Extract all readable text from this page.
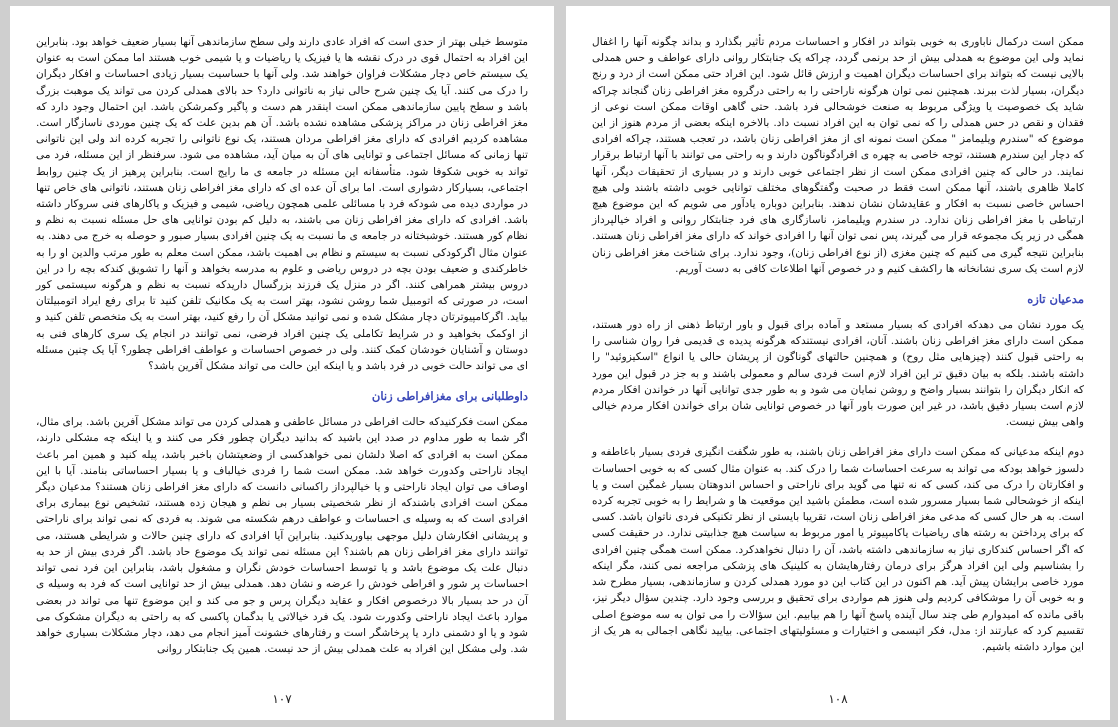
متوسط خیلی بهتر از حدی است که افراد عادی دارند ولی سطح سازماندهی آنها بسیار ضعیف خواهد بود. بنابراین این افراد به احتمال قوی در درک نقشه ها یا فیزیک یا ریاضیات و یا شیمی خوب هستند اما ممکن است به عنوان یک سیستم خاص دچار مشکلات فراوان خواهند شد. ولی آنها با حساسیت بسیار زیادی احساسات و افکار دیگران را درک می کنند. آیا یک چنین شرح حالی نیاز به ناتوانی دارد؟ حد بالای همدلی کردن می تواند یک موهبت بزرگ باشد و سطح پایین سازماندهی ممکن است اینقدر هم دست و پاگیر وکمرشکن باشد. این احتمال وجود دارد که مغز افراطی زنان در مراکز پزشکی مشاهده نشده باشد. آن هم بدین علت که یک چنین موردی ناسازگار است. مشاهده کردیم افرادی که دارای مغز افراطی مردان هستند، یک نوع ناتوانی را تجربه کرده اند ولی این ناتوانی تنها زمانی که مسائل اجتماعی و توانایی های آن به میان آید، مشاهده می شود. سرفنظر از این مسئله، فرد می تواند به خوبی شکوفا شود. متأسفانه این مسئله در جامعه ی ما رایج است. بنابراین پرهیز از یک چنین روابط اجتماعی، بسیارکار دشواری است. اما برای آن عده ای که دارای مغز افراطی زنان هستند، ناتوانی های خاص تنها در مواردی دیده می شودکه فرد با مسائلی علمی همچون ریاضی، شیمی و فیزیک و یاکارهای فنی سروکار داشته باشد. افرادی که دارای مغز افراطی زنان می باشند، به دلیل کم بودن توانایی های حل مسئله نسبت به نظم و نظام کور هستند. خوشبختانه در جامعه ی ما نسبت به یک چنین افرادی بسیار صبور و حوصله به خرج می دهند. به عنوان مثال اگرکودکی نسبت به سیستم و نظام بی اهمیت باشد، ممکن است معلم به طور مرتب والدین او را به خاطرکندی و ضعیف بودن بچه در دروس ریاضی و علوم به مدرسه بخواهد و آنها را تشویق کندکه بچه را در این دروس بیشتر همراهی کنند. اگر در منزل یک فرزند بزرگسال داریدکه نسبت به نظم و هرگونه سیستمی کور است، در صورتی که اتومبیل شما روشن نشود، بهتر است به یک مکانیک تلفن کنید تا برای رفع ایراد اتومبیلتان بیاید. اگرکامپیوترتان دچار مشکل شده و نمی توانید مشکل آن را رفع کنید، بهتر است به یک متخصص تلفن کنید و از اوکمک بخواهید و در شرایط تکاملی یک چنین افراد فرضی، نمی توانند در انجام یک سری کارهای فنی به دوستان و آشنایان خودشان کمک کنند. ولی در خصوص احساسات و عواطف افراطی چطور؟ آیا یک چنین مسئله ای می تواند حالت خوبی در فرد باشد و یا اینکه این حالت می تواند مشکل آفرین باشد؟

داوطلبانی برای مغزافراطی زنان

ممکن است فکرکنیدکه حالت افراطی در مسائل عاطفی و همدلی کردن می تواند مشکل آفرین باشد. برای مثال، اگر شما به طور مداوم در صدد این باشید که بدانید دیگران چطور فکر می کنند و یا اینکه چه مشکلی دارند، ممکن است به افرادی که اصلا دلشان نمی خواهدکسی از وضعیتشان باخبر باشد، پیله کنید و همین امر باعث ایجاد ناراحتی وکدورت خواهد شد. ممکن است شما را فردی خیالباف و یا بسیار احساساتی بنامند. آیا با این اوصاف می توان ایجاد ناراحتی و یا خیالپرداز راکسانی دانست که دارای مغز افراطی زنان هستند؟ مدعیان دیگر ممکن است افرادی باشندکه از نظر شخصیتی بسیار بی نظم و هیجان زده هستند، تشخیص نوع بیماری برای افرادی است که به وسیله ی احساسات و عواطف درهم شکسته می شوند. به فردی که نمی تواند برای ناراحتی و پریشانی افکارشان دلیل موجهی بیاوریدکنید. بنابراین آیا افرادی که دارای چنین حالات و شرایطی هستند، می توانند دارای مغز افراطی زنان هم باشند؟ این مسئله نمی تواند یک موضوع حاد باشد. اگر فردی بیش از حد به دنبال علت یک موضوع باشد و یا توسط احساسات خودش نگران و مشغول باشد، بنابراین این فرد نمی تواند احساسات پر شور و افراطی خودش را عرضه و نشان دهد. همدلی بیش از حد توانایی است که فرد به وسیله ی آن در حد بسیار بالا درخصوص افکار و عقاید دیگران پرس و جو می کند و این موضوع تنها می تواند در بعضی موارد باعث ایجاد ناراحتی وکدورت شود. یک فرد خیالاتی یا بدگمان پاکسی که به راحتی به دیگران مشکوک می شود و یا او دشمنی دارد یا پرخاشگر است و رفتارهای خشونت آمیز انجام می دهد، دچار مشکلات بسیاری خواهد شد. ولی مشکل این افراد به علت همدلی بیش از حد نیست. همین یک جنابتکار روانی

۱۰۷

ممکن است درکمال ناباوری به خوبی بتواند در افکار و احساسات مردم تأثیر بگذارد و بداند چگونه آنها را اغفال نماید ولی این موضوع به همدلی بیش از حد برنمی گردد، چراکه یک جنابتکار روانی دارای عواطف و حس همدلی بالایی نیست که بتواند برای احساسات دیگران اهمیت و ارزش قائل شود. این افراد حتی ممکن است از درد و رنج دیگران، بسیار لذت ببرند. همچنین نمی توان هرگونه ناراحتی را به راحتی درگروه مغز افراطی زنان گنجاند چراکه شاید یک خصوصیت یا ویژگی مربوط به صنعت خوشحالی فرد باشد. حتی گاهی اوقات ممکن است نوعی از فقدان و نقص در حس همدلی را که نمی توان به این افراد نسبت داد. بالاخره اینکه بعضی از مردم هنوز از این موضوع که "سندرم ویلیمامز " ممکن است نمونه ای از مغز افراطی زنان باشد، در تعجب هستند، چراکه افرادی که دچار این سندرم هستند، توجه خاصی به چهره ی افرادگوناگون دارند و به راحتی می توانند با آنها ارتباط برقرار نمایند. در حالی که چنین افرادی ممکن است از نظر اجتماعی خوبی دارند و در بسیاری از تحقیقات دیگر، آنها کاملا ظاهری باشند، آنها ممکن است فقط در صحبت وگفتگوهای مختلف توانایی خوبی داشته باشند ولی هیچ احساس خاصی نسبت به افکار و عقایدشان نشان ندهند. بنابراین دوباره یادآور می شویم که این موضوع هیچ ارتباطی با مغز افراطی زنان ندارد. در سندرم ویلیمامز، ناسازگاری های فرد جنابتکار روانی و افراد خیالپرداز همگی در زیر یک مجموعه قرار می گیرند، پس نمی توان آنها را افرادی خواند که دارای مغز افراطی زنان هستند. بنابراین نتیجه گیری می کنیم که چنین مغزی (از نوع افراطی زنان)، وجود ندارد. برای شناخت مغز افراطی زنان لازم است یک سری نشانخانه ها راکشف کنیم و در خصوص آنها اطلاعات کافی به دست آوریم.

مدعیان تازه

یک مورد نشان می دهدکه افرادی که بسیار مستعد و آماده برای قبول و باور ارتباط ذهنی از راه دور هستند، ممکن است دارای مغز افراطی زنان باشند. آنان، افرادی نیستندکه هرگونه پدیده ی قدیمی فرا روان شناسی را به راحتی قبول کنند (چیزهایی مثل روح) و همچنین حالتهای گوناگون از پریشان حالی یا انواع "اسکیزوئید" را داشته باشند. بلکه به بیان دقیق تر این افراد لازم است فردی سالم و معمولی باشند و به جز در قبول این مورد که انکار دیگران را بتوانند بسیار واضح و روشن نمایان می شود و به طور جدی توانایی آنها در خواندن افکار مردم لازم است بسیار دقیق باشد، در غیر این صورت باور آنها در خصوص توانایی شان برای خواندن افکار مردم خیالی واهی بیش نیست.

دوم اینکه مدعیانی که ممکن است دارای مغز افراطی زنان باشند، به طور شگفت انگیزی فردی بسیار باعاطفه و دلسوز خواهد بودکه می تواند به سرعت احساسات شما را درک کند. به عنوان مثال کسی که به خوبی احساسات و افکارتان را درک می کند، کسی که نه تنها می گوید برای ناراحتی و احساس اندوهتان بسیار غمگین است و یا اینکه از خوشحالی شما بسیار مسرور شده است، مطمئن باشید این موقعیت ها و شرایط را به خوبی تجربه کرده است. به هر حال کسی که مدعی مغز افراطی زنان است، تقریبا بایستی از نظر تکنیکی فردی ناتوان باشد. کسی که برای پرداختن به رشته های ریاضیات یاکامپیوتر یا امور مربوط به سیاست هیچ جذابیتی ندارد. در حقیقت کسی که اگر احساس کندکاری نیاز به سازماندهی داشته باشد، آن را دنبال نخواهدکرد. ممکن است همگی چنین افرادی را بشناسیم ولی این افراد هرگز برای درمان رفتارهایشان به کلینیک های پزشکی مراجعه نمی کنند، مگر اینکه مورد خاصی برایشان پیش آید. هم اکنون در این کتاب این دو مورد همدلی کردن و سازماندهی، بسیار مطرح شد و به خوبی آن را موشکافی کردیم ولی هنوز هم مواردی برای تحقیق و بررسی وجود دارد. چندین سؤال دیگر نیز، باقی مانده که امیدوارم طی چند سال آینده پاسخ آنها را هم بیابیم. این سؤالات را می توان به سه موضوع اصلی تقسیم کرد که عبارتند از: مدل، فکر اتیسمی و اختیارات و مسئولیتهای اجتماعی. بیایید نگاهی اجمالی به هر یک از این موارد داشته باشیم.

۱۰۸
